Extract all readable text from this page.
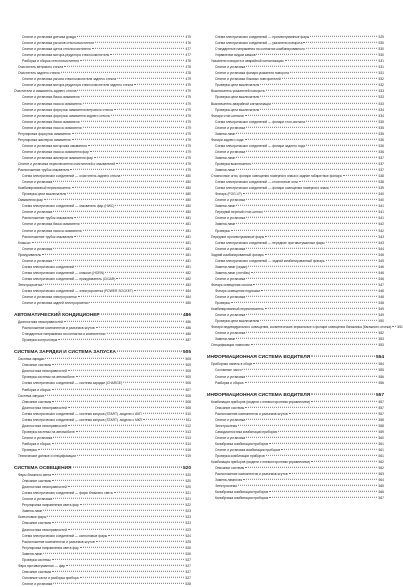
Снятие и установка датчика дождя	475
Снятие и установка рычагов стеклоочистителя	476
Снятие и установка щеток стеклоочистителя	477
Снятие и установка мотора-редуктора стеклоочистителя	477
Разборка и сборка стеклоочистителя	478
Очиститель ветрового стекла	478
Очиститель заднего стекла	478
Снятие и установка рычага стеклоочистителя заднего стекла	479
Снятие и установка мотора-редуктора стеклоочистителя заднего стекла	479
Очистители и омыватель заднего стекла	479
Снятие и установка бачка омывателя	479
Снятие и установка насоса омывателя	479
Снятие и установка форсунок омывателя ветрового стекла	479
Снятие и установка форсунок омывателя заднего стекла	479
Снятие и установка бачка омывателя	479
Снятие и установка насоса омывателя	479
Регулировка форсунок омывателя	479
Регулировка жиклеров омывателя	479
Снятие и установка моторчика омывателя	479
Снятие и установка насоса омывателя фар	479
Снятие и установка жиклеров омывателя фар	479
Снятие и установка переключателя очистителей и омывателей	479
Расположение трубок омывателя	479
Схема электрических соединений — очиститель заднего стекла	480
Снятие и установка	480
Комбинированный переключатель	480
Проверка цепи выключателя	480
Омыватели фар	480
Схема электрических соединений — омыватель фар (HWC)	480
Снятие и установка	480
Расположение трубок омывателя	481
Снятие и установка бачка омывателя	481
Снятие и установка насоса омывателя	481
Расположение трубок омывателя	481
Клаксон	481
Снятие и установка	481
Прикуриватель	481
Снятие и установка	481
Схема электрических соединений	481
Схема электрических соединений — клаксон (HORN)	482
Схема электрических соединений — прикуриватель (CIGAR)	482
Электророзетка	483
Схема электрических соединений — электророзетка (POWER SOCKET)	484
Снятие и установка электророзетки	484
Снятие и установка задней электророзетки	485
АВТОМАТИЧЕСКИЙ КОНДИЦИОНЕР	486
Диагностика неисправностей	486
Расположение компонентов и разъемов жгутов	486
Стандартные напряжения на контактах и компонентах	486
Проверка контроллера	487
СИСТЕМА ЗАРЯДКИ И СИСТЕМА ЗАПУСКА	505
Система зарядки	505
Описание системы	505
Диагностика неисправностей	505
Проверка системы на автомобиле	505
Схема электрических соединений — система зарядки (CHARGE)	506
Разборка и сборка	507
Система запуска	508
Описание системы	508
Диагностика неисправностей	508
Схема электрических соединений — система запуска (START) -модели с АКП	510
Схема электрических соединений — система запуска (START) -модели с МКП	511
Диагностика неисправностей	512
Проверка системы на автомобиле	513
Снятие и установка	513
Разборка и сборка	514
Проверка	516
Технические данные и спецификации	519
СИСТЕМА ОСВЕЩЕНИЯ	520
Фары ближнего света	520
Описание системы	520
Диагностика неисправностей	520
Схема электрических соединений — фары ближнего света	521
Снятие и установка	521
Регулировка направления света фар	522
Замена ламп	523
Ксеноновые фары	523
Описание системы	523
Диагностика неисправностей	523
Схема электрических соединений — ксеноновые фары	524
Расположение компонентов и разъемов жгутов	525
Регулировка направления света фар	526
Замена ламп	526
Проверка системы	527
Фара противотуманная — фар	527
Описание системы	527
Основные части и разборка прибора	527
Снятие и установка	528
Схема электрических соединений — противотуманные фары	529
Схема электрических соединений — указатели поворота	530
Стандартные напряжения на контактах комбинированного	530
Управление видом замков	530
Указатели поворота и аварийной сигнализации	531
Снятие и установка	531
Снятие и установка фонаря указателя поворота	531
Снятие и установка боковых повторителей	532
Проверка цепи выключателя	532
Выключатель указателей поворота	533
Проверка цепи выключателя	533
Выключатель аварийной сигнализации	533
Проверка цепи выключателя	534
Фонари стоп-сигнала	534
Схема электрических соединений — фонари стоп-сигнала	535
Снятие и установка	535
Замена ламп	535
Фонари заднего хода	536
Схема электрических соединений — фонари заднего хода	536
Снятие и установка	536
Замена ламп	537
Проверка выключателя	537
Замена ламп	537
Стояночные огни, фонари освещения номерного знака и задние габаритные фонари	538
Схема электрических соединений — стояночные огни	538
Схема электрических соединений — фонари освещения номерного знака	539
Фонарь (FOG LP)	540
Снятие и установка	540
Замена ламп	541
Передний верхний стоп-сигнал	541
Снятие и установка	541
Замена ламп	542
Проверка	542
Передние противотуманные фары	543
Схема электрических соединений — передние противотуманные фары	543
Снятие и установка	544
Задний комбинированный фонарь	545
Схема электрических соединений — задний комбинированный фонарь	545
Замена ламп (седан)	546
Замена ламп (хэтчбек)	546
Снятие и установка	546
Фонарь освещения салона	547
Фонарь освещения подножки	548
Снятие и установка	548
Проверка	548
Комбинированный переключатель	549
Снятие и установка	549
Проверка цепи выключателя	550
Фонари индивидуального освещения, косметические зеркальные и фонари освещения багажника (багажного отсека) 551
Снятие и установка	552
Замена ламп	553
Спецификации лампочек	553
ИНФОРМАЦИОННАЯ СИСТЕМА ВОДИТЕЛЯ	554
Приборная панель в сборе	554
Составные части	555
Снятие и установка	556
Разборка и сборка	556
ИНФОРМАЦИОННАЯ СИСТЕМА ВОДИТЕЛЯ	557
Комбинация приборов (модели с пневосторонним управлением)	557
Описание системы	557
Расположение компонентов и разъемов жгутов	557
Снятие и установка	558
Электросхема	558
Самодиагностика комбинации приборов	559
Снятие и установка	560
Калибровка комбинации приборов	561
Снятие и установка комбинации приборов	561
Проверка комбинации приборов	561
Комбинация приборов (модели с пневосторонним управлением)	562
Описание системы	562
Расположение компонентов и разъемов жгутов	563
Замена лампочек	564
Электросхема	565
Калибровка комбинации приборов	566
Калибровка комбинации приборов	567
